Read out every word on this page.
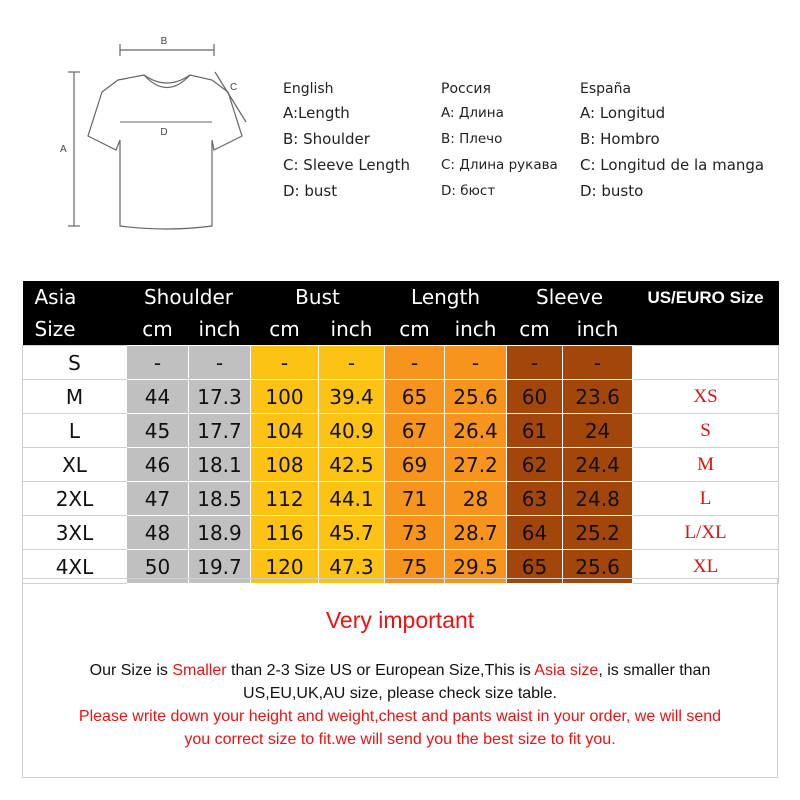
B
A
C
D
English
A:Length
B: Shoulder
C: Sleeve Length
D: bust
Россия
A: Длина
B: Плечо
C: Длина рукава
D: бюст
España
A: Longitud
B: Hombro
C: Longitud de la manga
D: busto
Asia	Shoulder		Bust		Length		Sleeve		US/EURO Size
Size	cm	inch	cm	inch	cm	inch	cm	inch	
S	-	-	-	-	-	-	-	-	
M	44	17.3	100	39.4	65	25.6	60	23.6	XS
L	45	17.7	104	40.9	67	26.4	61	24	S
XL	46	18.1	108	42.5	69	27.2	62	24.4	M
2XL	47	18.5	112	44.1	71	28	63	24.8	L
3XL	48	18.9	116	45.7	73	28.7	64	25.2	L/XL
4XL	50	19.7	120	47.3	75	29.5	65	25.6	XL
Very important
Our Size is Smaller than 2-3 Size US or European Size,This is Asia size, is smaller than
US,EU,UK,AU size, please check size table.
Please write down your height and weight,chest and pants waist in your order, we will send
you correct size to fit.we will send you the best size to fit you.
